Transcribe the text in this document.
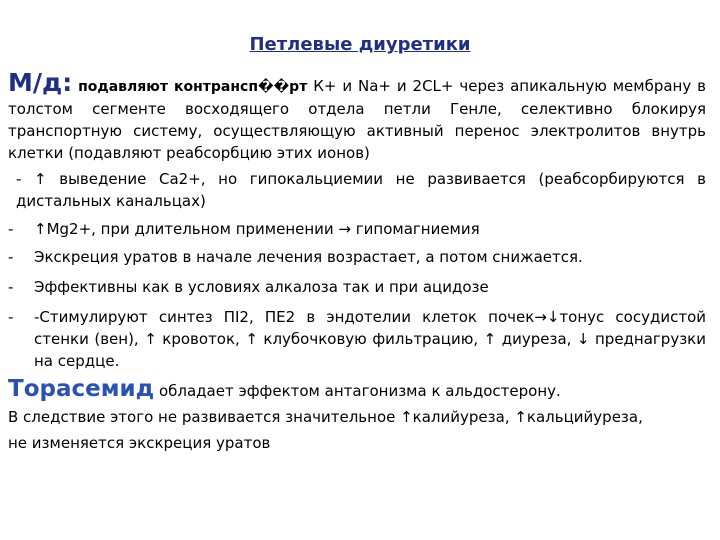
Петлевые диуретики

М/д: подавляют контрансп��рт К+ и Na+ и 2CL+ через апикальную мембрану в толстом сегменте восходящего отдела петли Генле, селективно блокируя транспортную систему, осуществляющую активный перенос электролитов внутрь клетки (подавляют реабсорбцию этих ионов)

- ↑ выведение Са2+, но гипокальциемии не развивается (реабсорбируются в дистальных канальцах)

- ↑Mg2+, при длительном применении → гипомагниемия

- Экскреция уратов в начале лечения возрастает, а потом снижается.

- Эффективны как в условиях алкалоза так и при ацидозе

- -Стимулируют синтез ПI2, ПЕ2 в эндотелии клеток почек→↓тонус сосудистой стенки (вен), ↑ кровоток, ↑ клубочковую фильтрацию, ↑ диуреза, ↓ преднагрузки на сердце.

Торасемид обладает эффектом антагонизма к альдостерону.

В следствие этого не развивается значительное ↑калийуреза, ↑кальцийуреза,

не изменяется экскреция уратов
